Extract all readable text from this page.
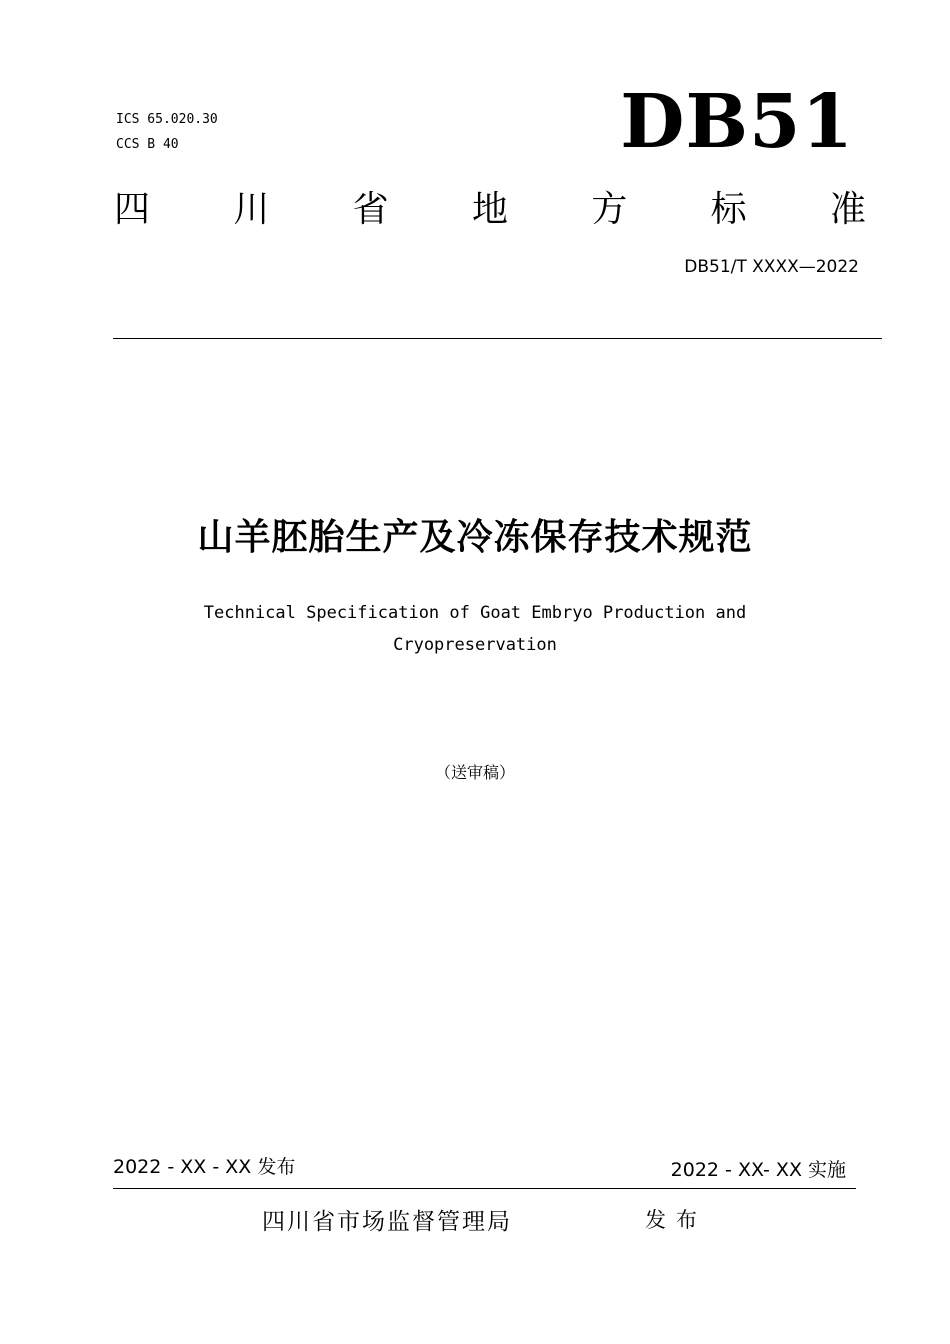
ICS 65.020.30
CCS B 40	DB51
四 川 省 地 方 标 准
DB51/T XXXX—2022
山羊胚胎生产及冷冻保存技术规范
Technical Specification of Goat Embryo Production and
Cryopreservation
（送审稿）
2022 - XX - XX 发布	2022 - XX- XX 实施
四川省市场监督管理局	发布
